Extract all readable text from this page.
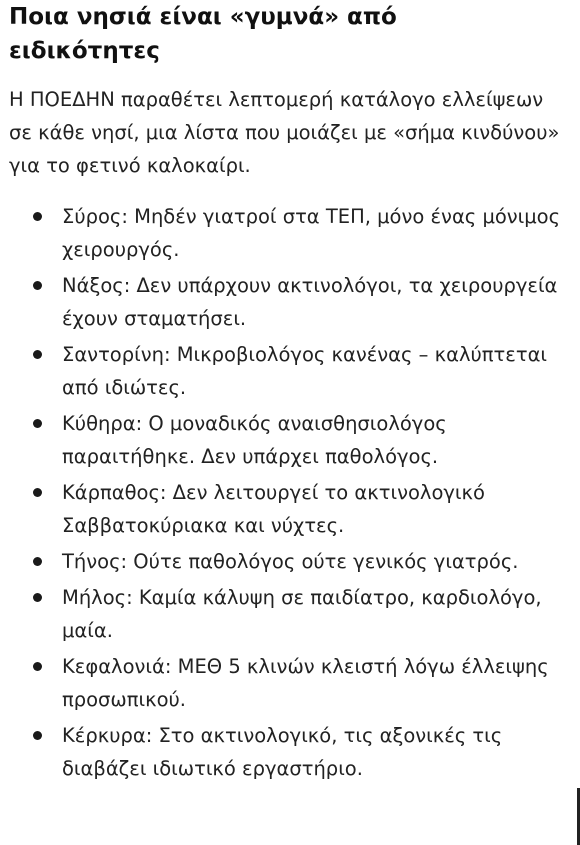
Ποια νησιά είναι «γυμνά» από ειδικότητες

Η ΠΟΕΔΗΝ παραθέτει λεπτομερή κατάλογο ελλείψεων σε κάθε νησί, μια λίστα που μοιάζει με «σήμα κινδύνου» για το φετινό καλοκαίρι.

Σύρος: Μηδέν γιατροί στα ΤΕΠ, μόνο ένας μόνιμος χειρουργός.
Νάξος: Δεν υπάρχουν ακτινολόγοι, τα χειρουργεία έχουν σταματήσει.
Σαντορίνη: Μικροβιολόγος κανένας – καλύπτεται από ιδιώτες.
Κύθηρα: Ο μοναδικός αναισθησιολόγος παραιτήθηκε. Δεν υπάρχει παθολόγος.
Κάρπαθος: Δεν λειτουργεί το ακτινολογικό Σαββατοκύριακα και νύχτες.
Τήνος: Ούτε παθολόγος ούτε γενικός γιατρός.
Μήλος: Καμία κάλυψη σε παιδίατρο, καρδιολόγο, μαία.
Κεφαλονιά: ΜΕΘ 5 κλινών κλειστή λόγω έλλειψης προσωπικού.
Κέρκυρα: Στο ακτινολογικό, τις αξονικές τις διαβάζει ιδιωτικό εργαστήριο.
